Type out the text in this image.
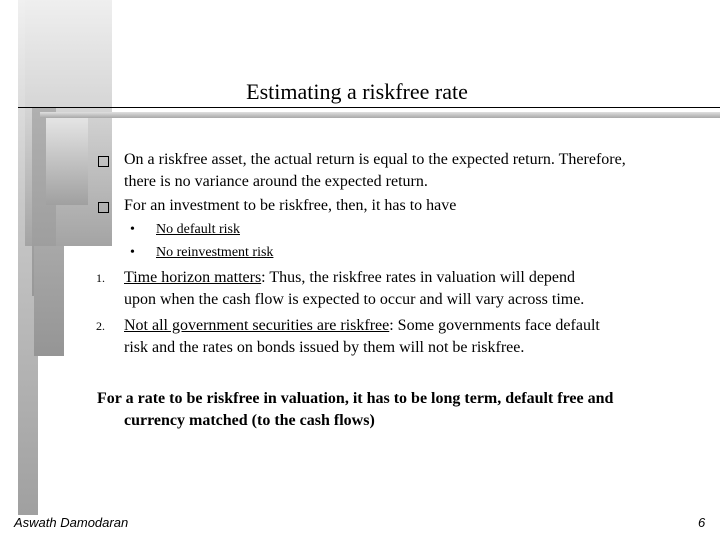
Estimating a riskfree rate
On a riskfree asset, the actual return is equal to the expected return. Therefore,
there is no variance around the expected return.
For an investment to be riskfree, then, it has to have
• No default risk
• No reinvestment risk
1. Time horizon matters: Thus, the riskfree rates in valuation will depend
upon when the cash flow is expected to occur and will vary across time.
2. Not all government securities are riskfree: Some governments face default
risk and the rates on bonds issued by them will not be riskfree.
For a rate to be riskfree in valuation, it has to be long term, default free and
currency matched (to the cash flows)
Aswath Damodaran	6
